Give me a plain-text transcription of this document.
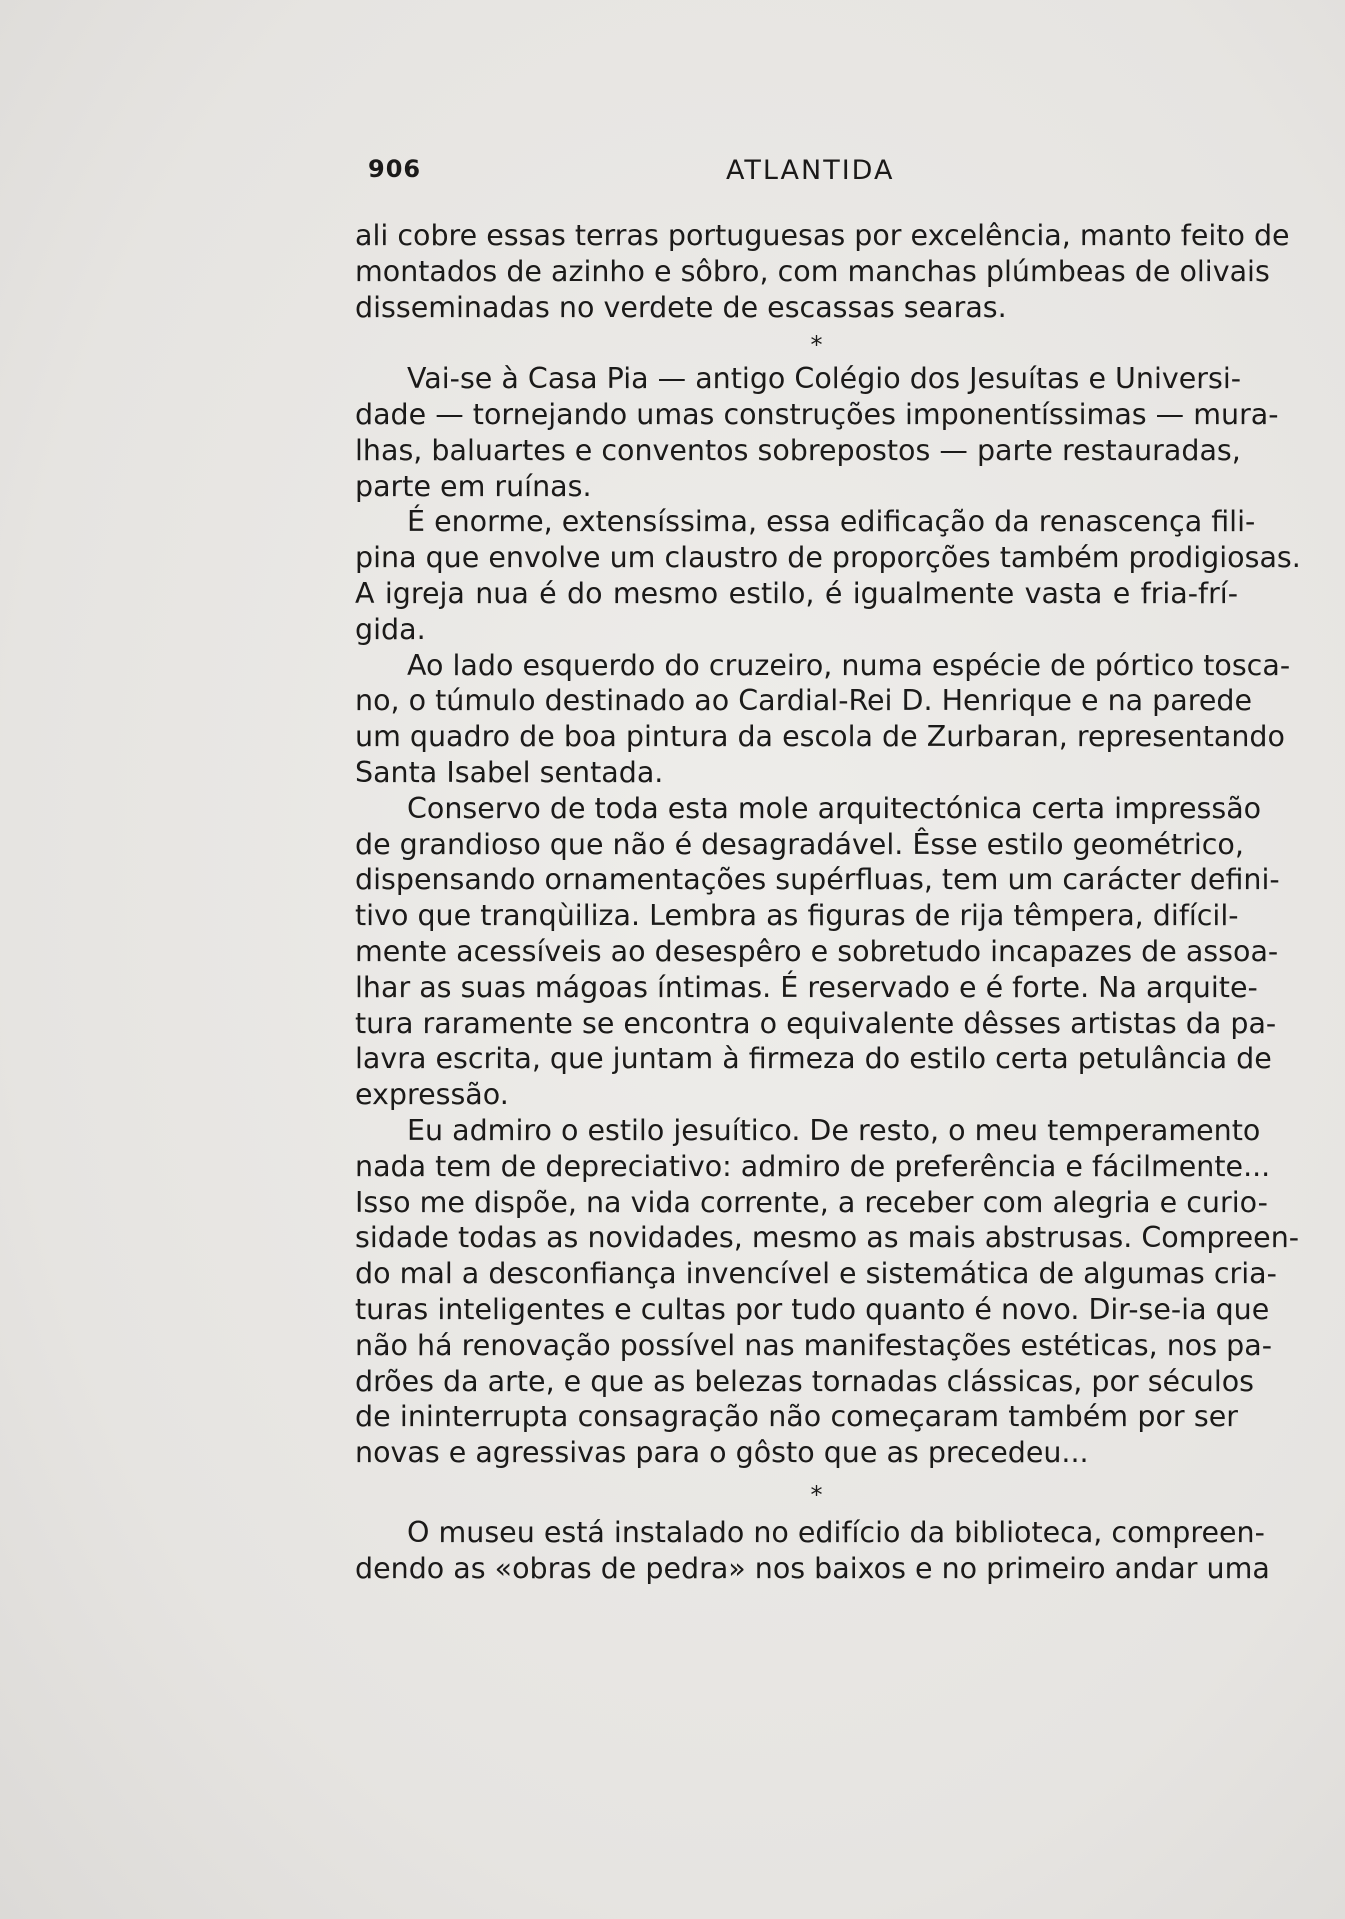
906	ATLANTIDA
ali cobre essas terras portuguesas por excelência, manto feito de
montados de azinho e sôbro, com manchas plúmbeas de olivais
disseminadas no verdete de escassas searas.
*
Vai-se à Casa Pia — antigo Colégio dos Jesuítas e Universi-
dade — tornejando umas construções imponentíssimas — mura-
lhas, baluartes e conventos sobrepostos — parte restauradas,
parte em ruínas.
É enorme, extensíssima, essa edificação da renascença fili-
pina que envolve um claustro de proporções também prodigiosas.
A igreja nua é do mesmo estilo, é igualmente vasta e fria-frí-
gida.
Ao lado esquerdo do cruzeiro, numa espécie de pórtico tosca-
no, o túmulo destinado ao Cardial-Rei D. Henrique e na parede
um quadro de boa pintura da escola de Zurbaran, representando
Santa Isabel sentada.
Conservo de toda esta mole arquitectónica certa impressão
de grandioso que não é desagradável. Êsse estilo geométrico,
dispensando ornamentações supérfluas, tem um carácter defini-
tivo que tranqùiliza. Lembra as figuras de rija têmpera, difícil-
mente acessíveis ao desespêro e sobretudo incapazes de assoa-
lhar as suas mágoas íntimas. É reservado e é forte. Na arquite-
tura raramente se encontra o equivalente dêsses artistas da pa-
lavra escrita, que juntam à firmeza do estilo certa petulância de
expressão.
Eu admiro o estilo jesuítico. De resto, o meu temperamento
nada tem de depreciativo: admiro de preferência e fácilmente...
Isso me dispõe, na vida corrente, a receber com alegria e curio-
sidade todas as novidades, mesmo as mais abstrusas. Compreen-
do mal a desconfiança invencível e sistemática de algumas cria-
turas inteligentes e cultas por tudo quanto é novo. Dir-se-ia que
não há renovação possível nas manifestações estéticas, nos pa-
drões da arte, e que as belezas tornadas clássicas, por séculos
de ininterrupta consagração não começaram também por ser
novas e agressivas para o gôsto que as precedeu...
*
O museu está instalado no edifício da biblioteca, compreen-
dendo as «obras de pedra» nos baixos e no primeiro andar uma
